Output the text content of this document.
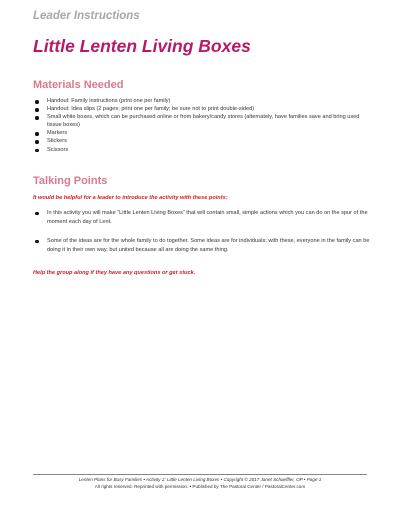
Leader Instructions
Little Lenten Living Boxes
Materials Needed
Handout: Family instructions (print one per family)
Handout: Idea slips (2 pages; print one per family; be sure not to print double-sided)
Small white boxes, which can be purchased online or from bakery/candy stores (alternately, have families save and bring used tissue boxes)
Markers
Stickers
Scissors
Talking Points
It would be helpful for a leader to introduce the activity with these points:
In this activity you will make “Little Lenten Living Boxes” that will contain small, simple actions which you can do on the spur of the moment each day of Lent.
Some of the ideas are for the whole family to do together. Some ideas are for individuals; with these, everyone in the family can be doing it in their own way, but united because all are doing the same thing.
Help the group along if they have any questions or get stuck.
Lenten Plans for Busy Families • Activity 2: Little Lenten Living Boxes • Copyright © 2017 Janet Schaeffler, OP • Page 1
All rights reserved. Reprinted with permission. • Published by The Pastoral Center / PastoralCenter.com
